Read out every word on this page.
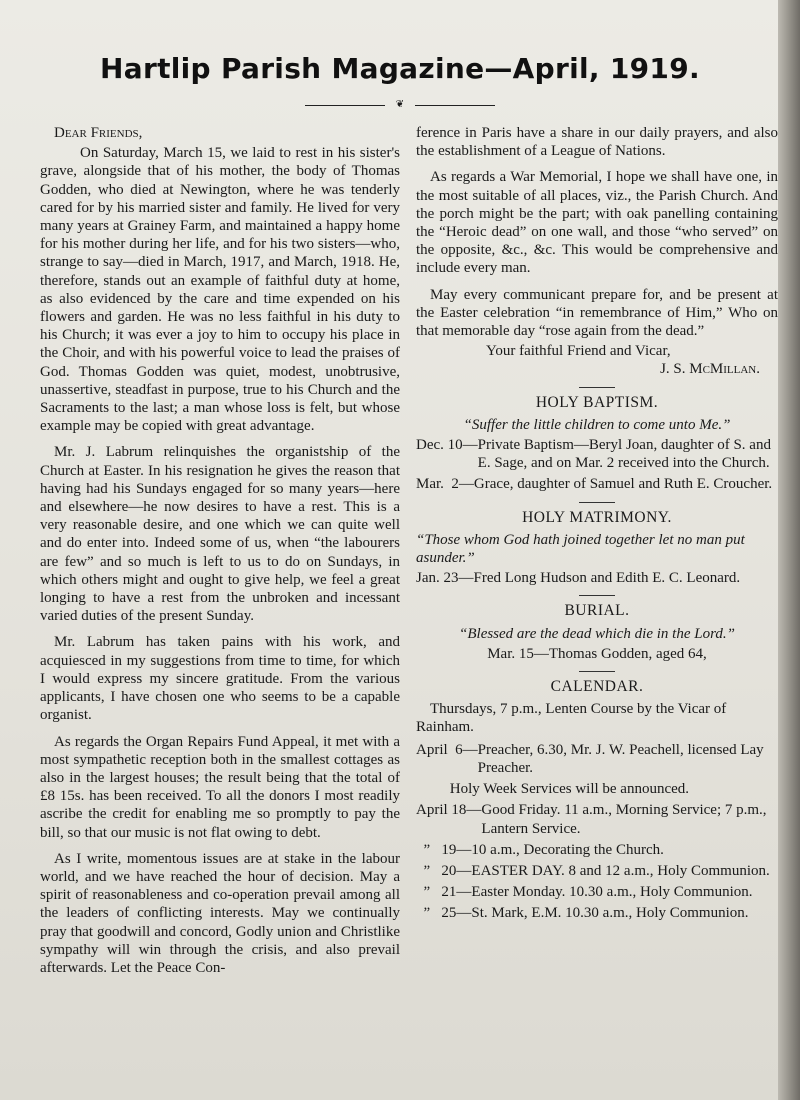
Hartlip Parish Magazine—April, 1919.
❦

Dear Friends,

On Saturday, March 15, we laid to rest in his sister's grave, alongside that of his mother, the body of Thomas Godden, who died at Newington, where he was tenderly cared for by his married sister and family. He lived for very many years at Grainey Farm, and maintained a happy home for his mother during her life, and for his two sisters—who, strange to say—died in March, 1917, and March, 1918. He, therefore, stands out an example of faithful duty at home, as also evidenced by the care and time expended on his flowers and garden. He was no less faithful in his duty to his Church; it was ever a joy to him to occupy his place in the Choir, and with his powerful voice to lead the praises of God. Thomas Godden was quiet, modest, unobtrusive, unassertive, steadfast in purpose, true to his Church and the Sacraments to the last; a man whose loss is felt, but whose example may be copied with great advantage.

Mr. J. Labrum relinquishes the organistship of the Church at Easter. In his resignation he gives the reason that having had his Sundays engaged for so many years—here and elsewhere—he now desires to have a rest. This is a very reasonable desire, and one which we can quite well and do enter into. Indeed some of us, when “the labourers are few” and so much is left to us to do on Sundays, in which others might and ought to give help, we feel a great longing to have a rest from the unbroken and incessant varied duties of the present Sunday.

Mr. Labrum has taken pains with his work, and acquiesced in my suggestions from time to time, for which I would express my sincere gratitude. From the various applicants, I have chosen one who seems to be a capable organist.

As regards the Organ Repairs Fund Appeal, it met with a most sympathetic reception both in the smallest cottages as also in the largest houses; the result being that the total of £8 15s. has been received. To all the donors I most readily ascribe the credit for enabling me so promptly to pay the bill, so that our music is not flat owing to debt.

As I write, momentous issues are at stake in the labour world, and we have reached the hour of decision. May a spirit of reasonableness and co-operation prevail among all the leaders of conflicting interests. May we continually pray that goodwill and concord, Godly union and Christlike sympathy will win through the crisis, and also prevail afterwards. Let the Peace Con-

ference in Paris have a share in our daily prayers, and also the establishment of a League of Nations.

As regards a War Memorial, I hope we shall have one, in the most suitable of all places, viz., the Parish Church. And the porch might be the part; with oak panelling containing the “Heroic dead” on one wall, and those “who served” on the opposite, &c., &c. This would be comprehensive and include every man.

May every communicant prepare for, and be present at the Easter celebration “in remembrance of Him,” Who on that memorable day “rose again from the dead.”

Your faithful Friend and Vicar,

J. S. McMillan.

HOLY BAPTISM.

“Suffer the little children to come unto Me.”

Dec. 10— Private Baptism—Beryl Joan, daughter of S. and E. Sage, and on Mar. 2 received into the Church.
Mar.  2— Grace, daughter of Samuel and Ruth E. Croucher.
HOLY MATRIMONY.

“Those whom God hath joined together let no man put asunder.”

Jan. 23— Fred Long Hudson and Edith E. C. Leonard.
BURIAL.

“Blessed are the dead which die in the Lord.”

Mar. 15—Thomas Godden, aged 64,

CALENDAR.

Thursdays, 7 p.m., Lenten Course by the Vicar of Rainham.

April  6— Preacher, 6.30, Mr. J. W. Peachell, licensed Lay Preacher.

Holy Week Services will be announced.
April 18— Good Friday. 11 a.m., Morning Service; 7 p.m., Lantern Service.
”   19— 10 a.m., Decorating the Church.
”   20— EASTER DAY. 8 and 12 a.m., Holy Communion.
”   21— Easter Monday. 10.30 a.m., Holy Communion.
”   25— St. Mark, E.M. 10.30 a.m., Holy Communion.
